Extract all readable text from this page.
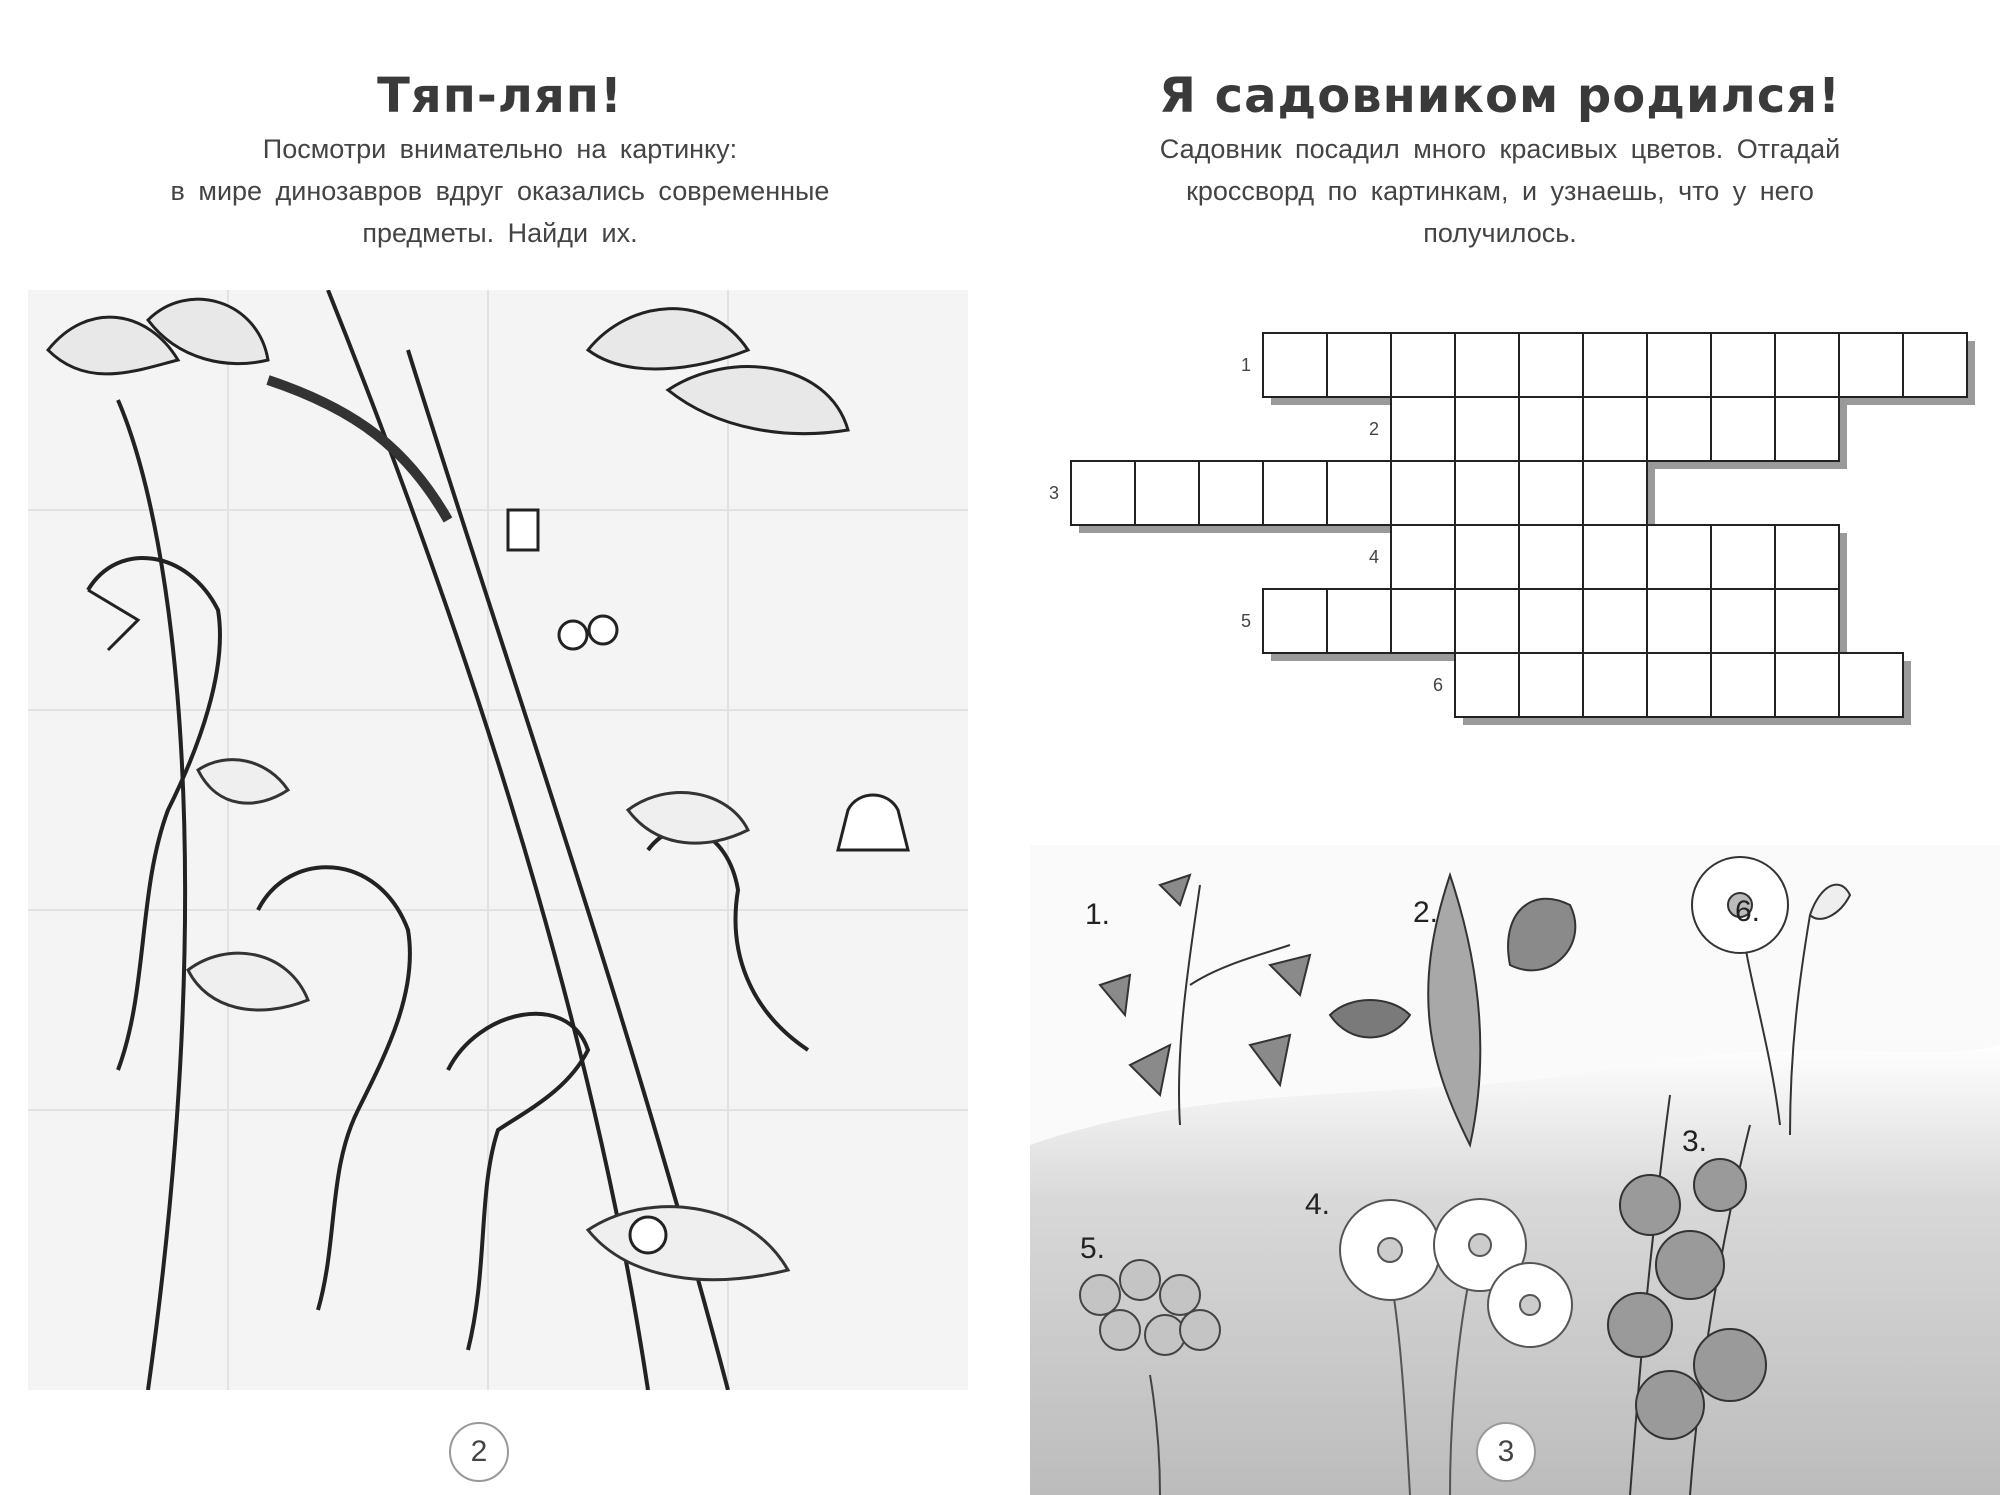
Тяп-ляп!
Посмотри внимательно на картинку:
в мире динозавров вдруг оказались современные
предметы. Найди их.
2
Я садовником родился!
Садовник посадил много красивых цветов. Отгадай
кроссворд по картинкам, и узнаешь, что у него
получилось.
1
2
3
4
5
6
1.	2.	6.
3.
4.
5.
3
